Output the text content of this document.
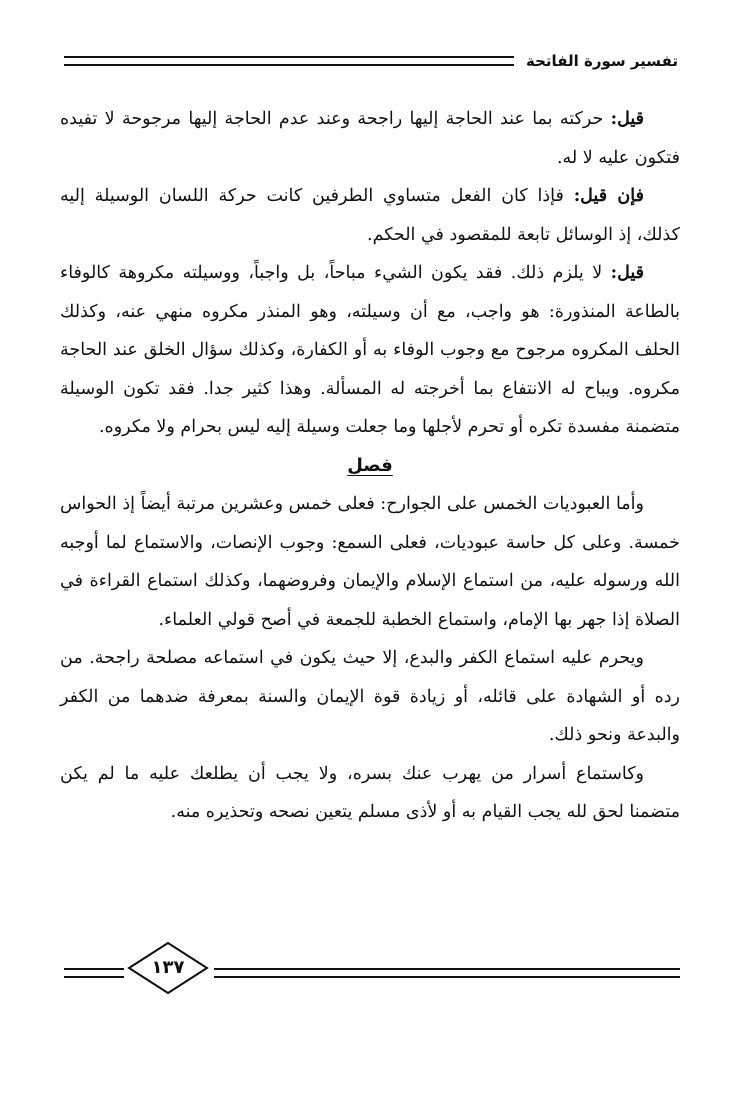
تفسير سورة الفاتحة

قيل: حركته بما عند الحاجة إليها راجحة وعند عدم الحاجة إليها مرجوحة لا تفيده فتكون عليه لا له.

فإن قيل: فإذا كان الفعل متساوي الطرفين كانت حركة اللسان الوسيلة إليه كذلك، إذ الوسائل تابعة للمقصود في الحكم.

قيل: لا يلزم ذلك. فقد يكون الشيء مباحاً، بل واجباً، ووسيلته مكروهة كالوفاء بالطاعة المنذورة: هو واجب، مع أن وسيلته، وهو المنذر مكروه منهي عنه، وكذلك الحلف المكروه مرجوح مع وجوب الوفاء به أو الكفارة، وكذلك سؤال الخلق عند الحاجة مكروه. ويباح له الانتفاع بما أخرجته له المسألة. وهذا كثير جدا. فقد تكون الوسيلة متضمنة مفسدة تكره أو تحرم لأجلها وما جعلت وسيلة إليه ليس بحرام ولا مكروه.

فصل

وأما العبوديات الخمس على الجوارح: فعلى خمس وعشرين مرتبة أيضاً إذ الحواس خمسة. وعلى كل حاسة عبوديات، فعلى السمع: وجوب الإنصات، والاستماع لما أوجبه الله ورسوله عليه، من استماع الإسلام والإيمان وفروضهما، وكذلك استماع القراءة في الصلاة إذا جهر بها الإمام، واستماع الخطبة للجمعة في أصح قولي العلماء.

ويحرم عليه استماع الكفر والبدع، إلا حيث يكون في استماعه مصلحة راجحة. من رده أو الشهادة على قائله، أو زيادة قوة الإيمان والسنة بمعرفة ضدهما من الكفر والبدعة ونحو ذلك.

وكاستماع أسرار من يهرب عنك بسره، ولا يجب أن يطلعك عليه ما لم يكن متضمنا لحق لله يجب القيام به أو لأذى مسلم يتعين نصحه وتحذيره منه.

١٣٧
